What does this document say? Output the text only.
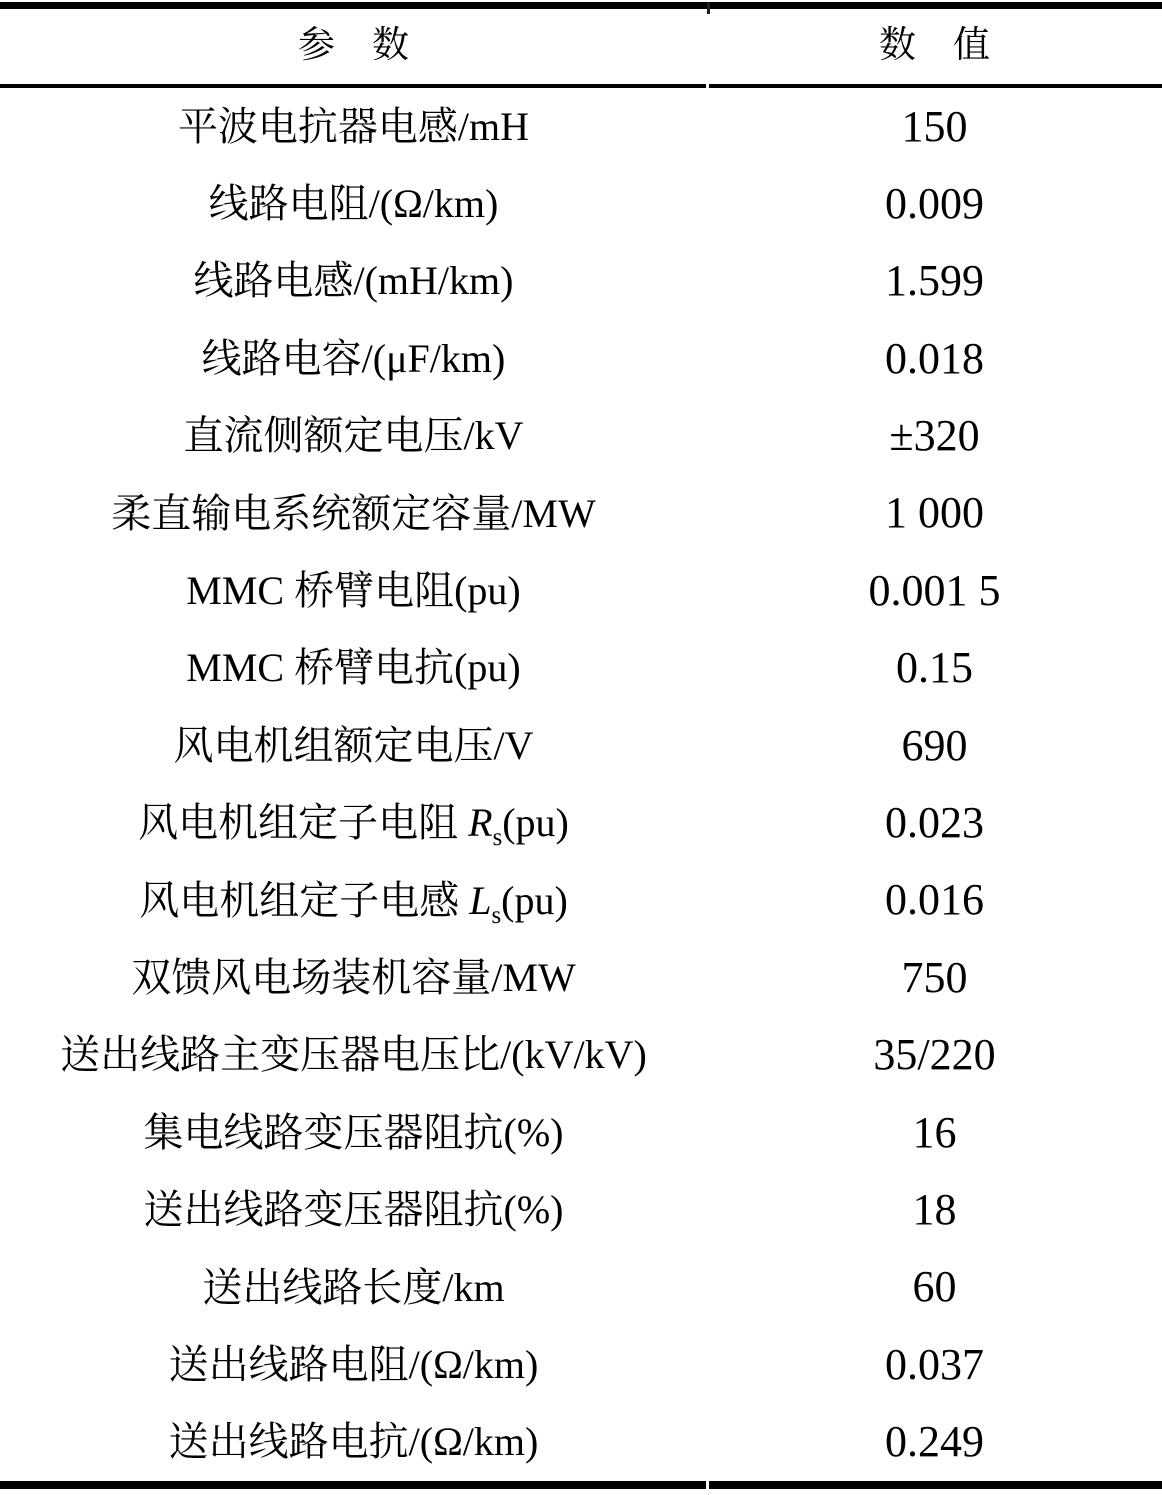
参　数	数　值
平波电抗器电感/mH	150
线路电阻/(Ω/km)	0.009
线路电感/(mH/km)	1.599
线路电容/(μF/km)	0.018
直流侧额定电压/kV	±320
柔直输电系统额定容量/MW	1 000
MMC 桥臂电阻(pu)	0.001 5
MMC 桥臂电抗(pu)	0.15
风电机组额定电压/V	690
风电机组定子电阻 $R_s(pu)$	0.023
风电机组定子电感 $L_s(pu)$	0.016
双馈风电场装机容量/MW	750
送出线路主变压器电压比/(kV/kV)	35/220
集电线路变压器阻抗(%)	16
送出线路变压器阻抗(%)	18
送出线路长度/km	60
送出线路电阻/(Ω/km)	0.037
送出线路电抗/(Ω/km)	0.249
